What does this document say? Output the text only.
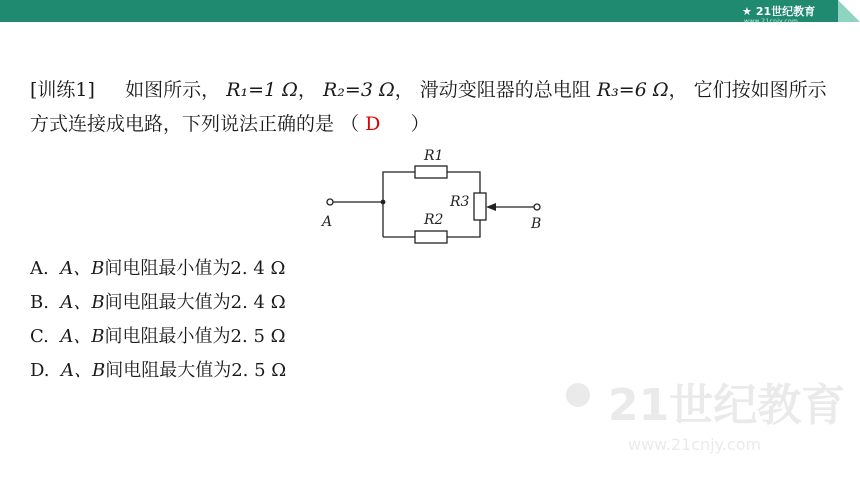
★ 21世纪教育
www.21cnjy.com
[训练1] 如图所示， R₁=1 Ω， R₂=3 Ω， 滑动变阻器的总电阻 R₃=6 Ω， 它们按如图所示方式连接成电路，下列说法正确的是 （ D ）
R1
R2
R3
A	B
A. A、B间电阻最小值为2. 4 Ω
B. A、B间电阻最大值为2. 4 Ω
C. A、B间电阻最小值为2. 5 Ω
D. A、B间电阻最大值为2. 5 Ω
21世纪教育
www.21cnjy.com
